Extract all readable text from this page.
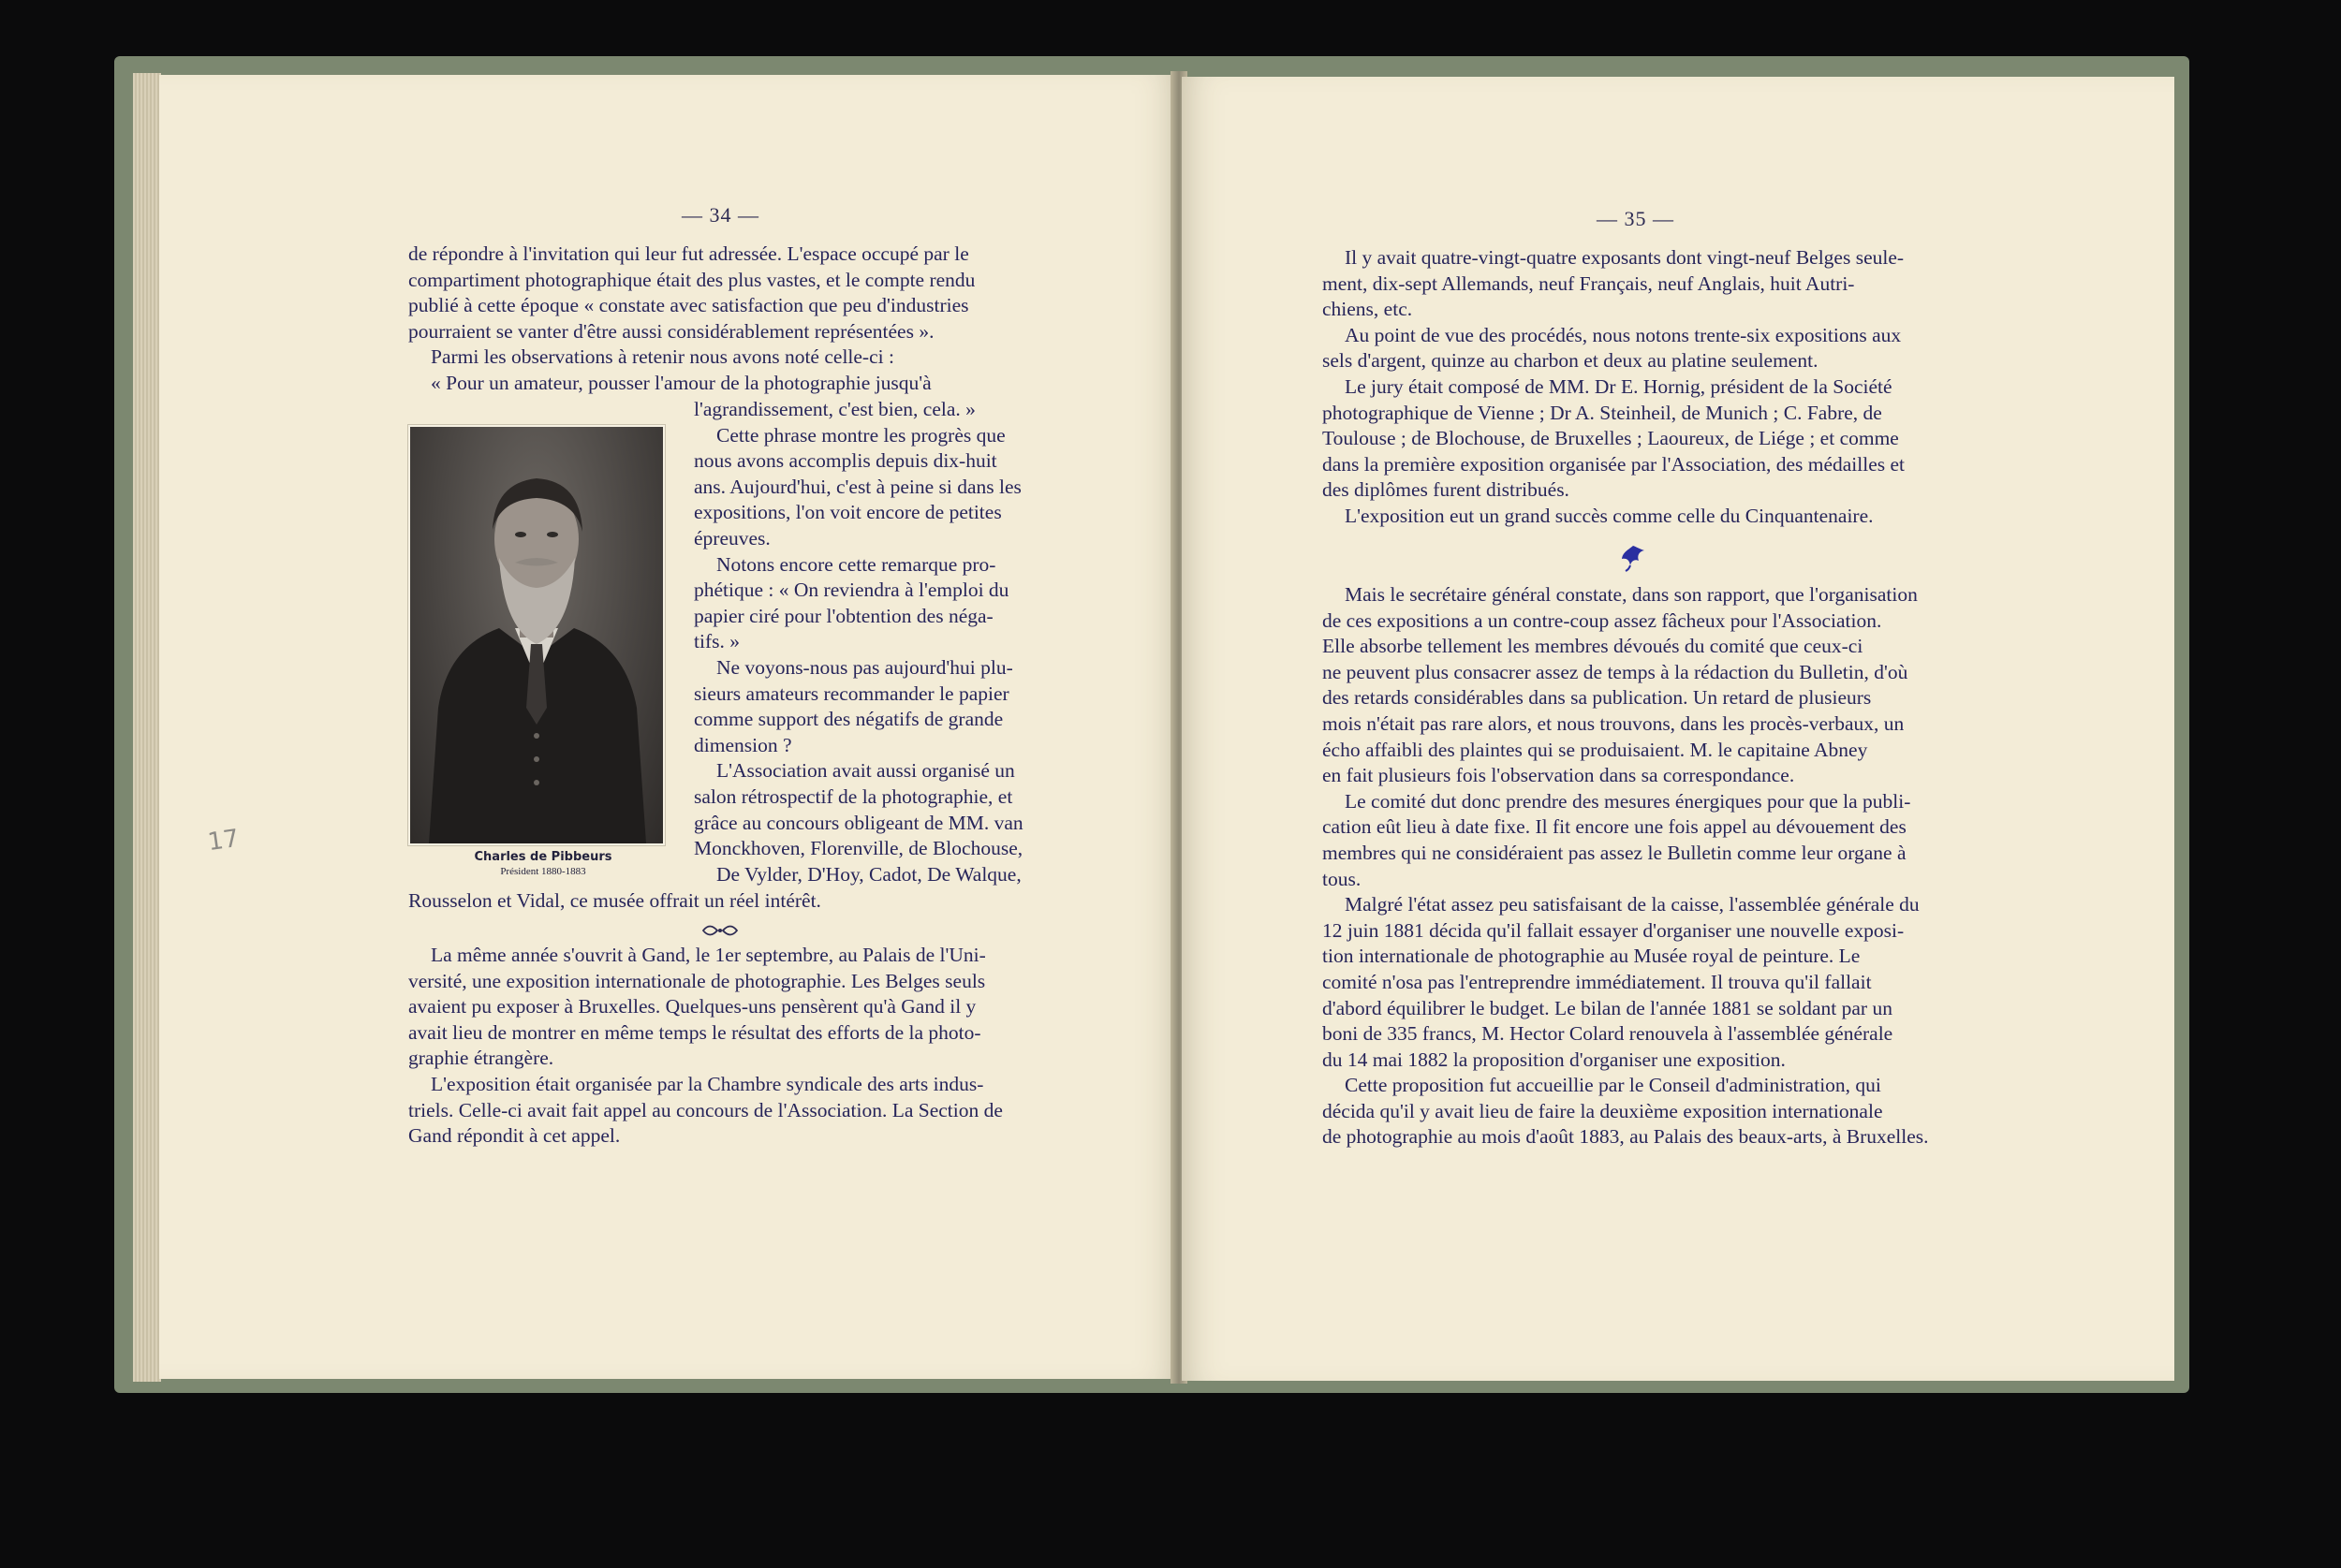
— 34 —

de répondre à l'invitation qui leur fut adressée. L'espace occupé par le

compartiment photographique était des plus vastes, et le compte rendu

publié à cette époque « constate avec satisfaction que peu d'industries

pourraient se vanter d'être aussi considérablement représentées ».

Parmi les observations à retenir nous avons noté celle-ci :

« Pour un amateur, pousser l'amour de la photographie jusqu'à

Charles de Pibbeurs
Président 1880-1883

l'agrandissement, c'est bien, cela. »

Cette phrase montre les progrès que

nous avons accomplis depuis dix-huit

ans. Aujourd'hui, c'est à peine si dans les

expositions, l'on voit encore de petites

épreuves.

Notons encore cette remarque pro-

phétique : « On reviendra à l'emploi du

papier ciré pour l'obtention des néga-

tifs. »

Ne voyons-nous pas aujourd'hui plu-

sieurs amateurs recommander le papier

comme support des négatifs de grande

dimension ?

L'Association avait aussi organisé un

salon rétrospectif de la photographie, et

grâce au concours obligeant de MM. van

Monckhoven, Florenville, de Blochouse,

De Vylder, D'Hoy, Cadot, De Walque,

Rousselon et Vidal, ce musée offrait un réel intérêt.

La même année s'ouvrit à Gand, le 1er septembre, au Palais de l'Uni-

versité, une exposition internationale de photographie. Les Belges seuls

avaient pu exposer à Bruxelles. Quelques-uns pensèrent qu'à Gand il y

avait lieu de montrer en même temps le résultat des efforts de la photo-

graphie étrangère.

L'exposition était organisée par la Chambre syndicale des arts indus-

triels. Celle-ci avait fait appel au concours de l'Association. La Section de

Gand répondit à cet appel.

17
— 35 —

Il y avait quatre-vingt-quatre exposants dont vingt-neuf Belges seule-

ment, dix-sept Allemands, neuf Français, neuf Anglais, huit Autri-

chiens, etc.

Au point de vue des procédés, nous notons trente-six expositions aux

sels d'argent, quinze au charbon et deux au platine seulement.

Le jury était composé de MM. Dr E. Hornig, président de la Société

photographique de Vienne ; Dr A. Steinheil, de Munich ; C. Fabre, de

Toulouse ; de Blochouse, de Bruxelles ; Laoureux, de Liége ; et comme

dans la première exposition organisée par l'Association, des médailles et

des diplômes furent distribués.

L'exposition eut un grand succès comme celle du Cinquantenaire.

Mais le secrétaire général constate, dans son rapport, que l'organisation

de ces expositions a un contre-coup assez fâcheux pour l'Association.

Elle absorbe tellement les membres dévoués du comité que ceux-ci

ne peuvent plus consacrer assez de temps à la rédaction du Bulletin, d'où

des retards considérables dans sa publication. Un retard de plusieurs

mois n'était pas rare alors, et nous trouvons, dans les procès-verbaux, un

écho affaibli des plaintes qui se produisaient. M. le capitaine Abney

en fait plusieurs fois l'observation dans sa correspondance.

Le comité dut donc prendre des mesures énergiques pour que la publi-

cation eût lieu à date fixe. Il fit encore une fois appel au dévouement des

membres qui ne considéraient pas assez le Bulletin comme leur organe à

tous.

Malgré l'état assez peu satisfaisant de la caisse, l'assemblée générale du

12 juin 1881 décida qu'il fallait essayer d'organiser une nouvelle exposi-

tion internationale de photographie au Musée royal de peinture. Le

comité n'osa pas l'entreprendre immédiatement. Il trouva qu'il fallait

d'abord équilibrer le budget. Le bilan de l'année 1881 se soldant par un

boni de 335 francs, M. Hector Colard renouvela à l'assemblée générale

du 14 mai 1882 la proposition d'organiser une exposition.

Cette proposition fut accueillie par le Conseil d'administration, qui

décida qu'il y avait lieu de faire la deuxième exposition internationale

de photographie au mois d'août 1883, au Palais des beaux-arts, à Bruxelles.
